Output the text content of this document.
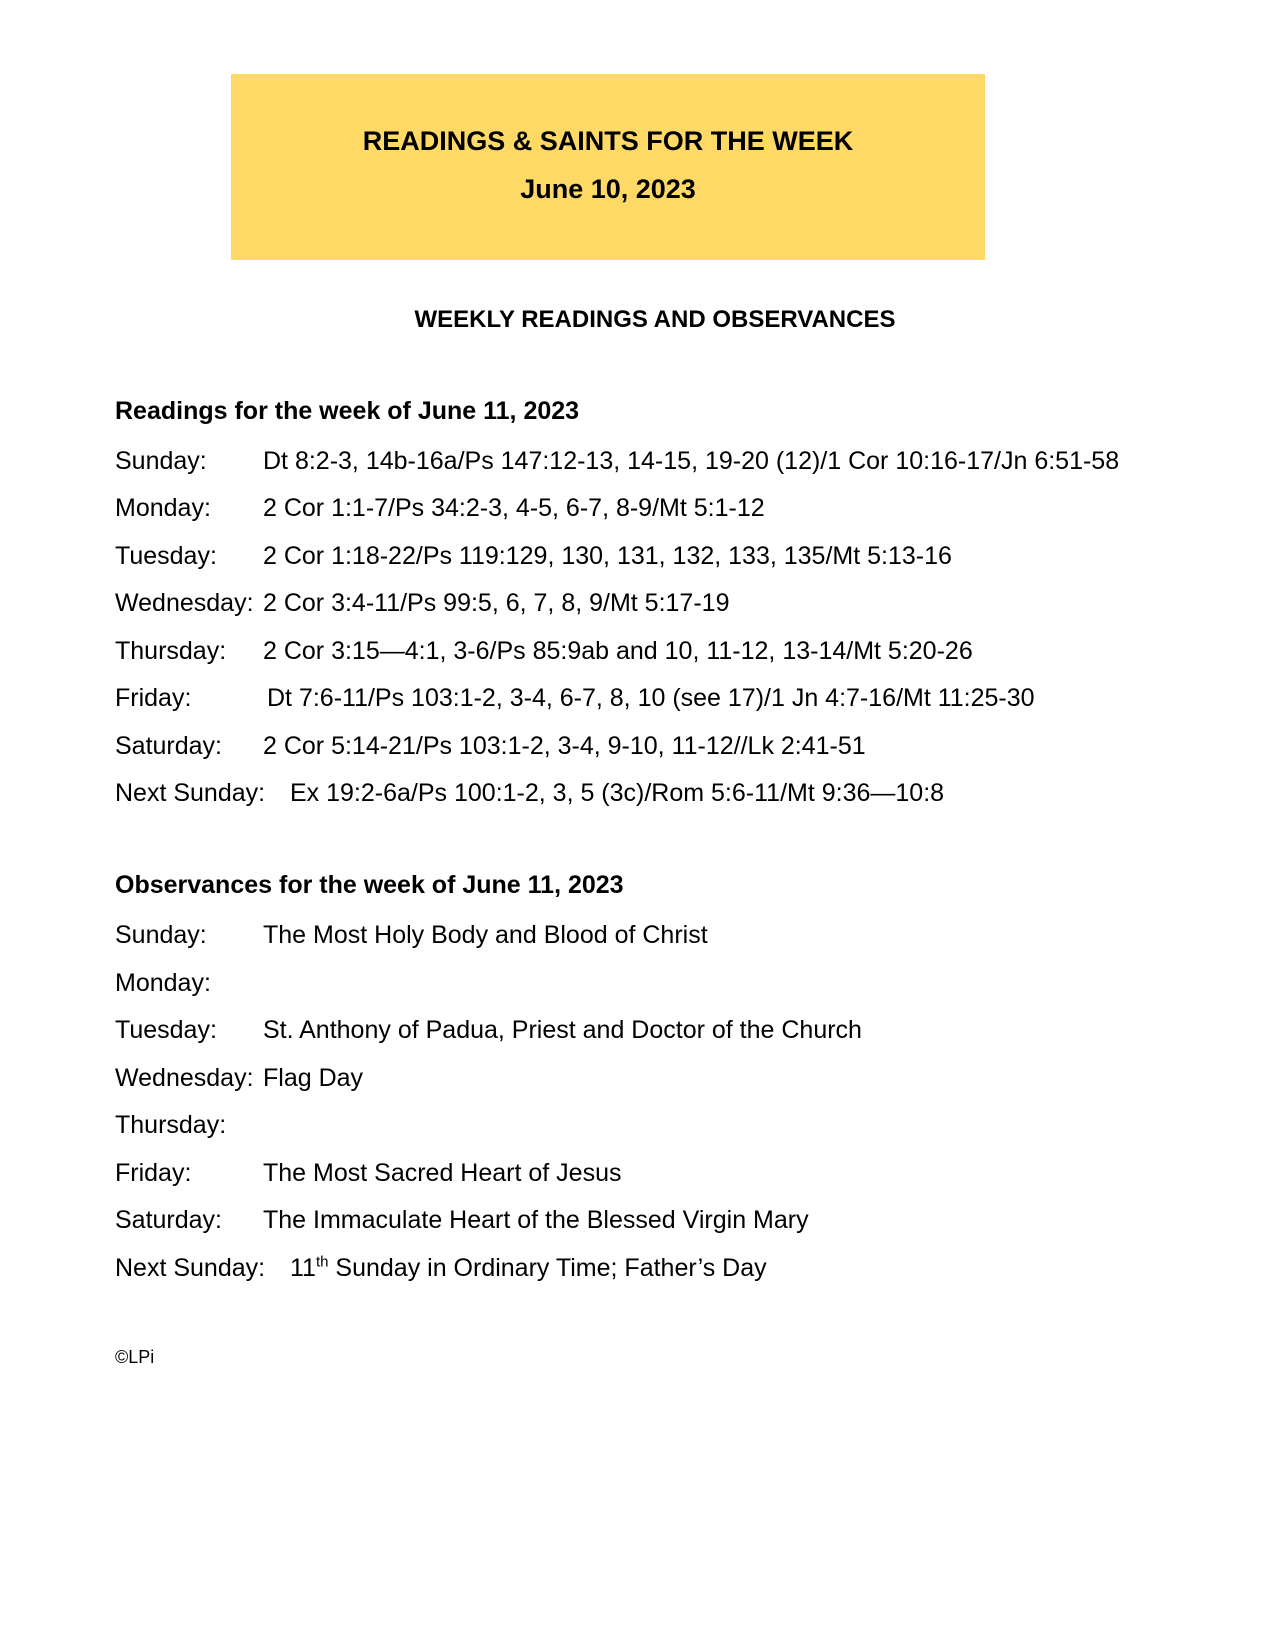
READINGS & SAINTS FOR THE WEEK
June 10, 2023
WEEKLY READINGS AND OBSERVANCES
Readings for the week of June 11, 2023
Sunday: Dt 8:2-3, 14b-16a/Ps 147:12-13, 14-15, 19-20 (12)/1 Cor 10:16-17/Jn 6:51-58
Monday: 2 Cor 1:1-7/Ps 34:2-3, 4-5, 6-7, 8-9/Mt 5:1-12
Tuesday: 2 Cor 1:18-22/Ps 119:129, 130, 131, 132, 133, 135/Mt 5:13-16
Wednesday: 2 Cor 3:4-11/Ps 99:5, 6, 7, 8, 9/Mt 5:17-19
Thursday: 2 Cor 3:15—4:1, 3-6/Ps 85:9ab and 10, 11-12, 13-14/Mt 5:20-26
Friday:	Dt 7:6-11/Ps 103:1-2, 3-4, 6-7, 8, 10 (see 17)/1 Jn 4:7-16/Mt 11:25-30
Saturday: 2 Cor 5:14-21/Ps 103:1-2, 3-4, 9-10, 11-12//Lk 2:41-51
Next Sunday: Ex 19:2-6a/Ps 100:1-2, 3, 5 (3c)/Rom 5:6-11/Mt 9:36—10:8
Observances for the week of June 11, 2023
Sunday: The Most Holy Body and Blood of Christ
Monday:
Tuesday: St. Anthony of Padua, Priest and Doctor of the Church
Wednesday: Flag Day
Thursday:
Friday:	The Most Sacred Heart of Jesus
Saturday: The Immaculate Heart of the Blessed Virgin Mary
Next Sunday: 11th Sunday in Ordinary Time; Father’s Day
©LPi
